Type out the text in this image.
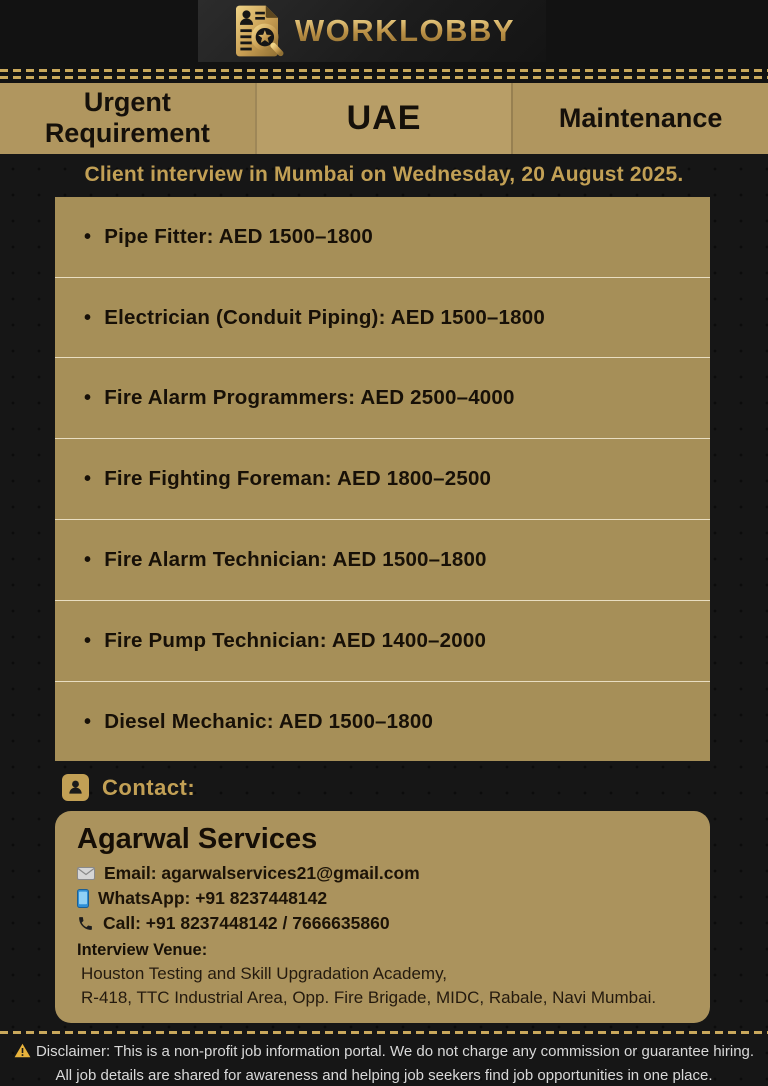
WORKLOBBY
Urgent Requirement	UAE	Maintenance
Client interview in Mumbai on Wednesday, 20 August 2025.
• Pipe Fitter: AED 1500–1800
• Electrician (Conduit Piping): AED 1500–1800
• Fire Alarm Programmers: AED 2500–4000
• Fire Fighting Foreman: AED 1800–2500
• Fire Alarm Technician: AED 1500–1800
• Fire Pump Technician: AED 1400–2000
• Diesel Mechanic: AED 1500–1800
Contact:
Agarwal Services
Email: agarwalservices21@gmail.com
WhatsApp: +91 8237448142
Call: +91 8237448142 / 7666635860
Interview Venue:
Houston Testing and Skill Upgradation Academy,
R-418, TTC Industrial Area, Opp. Fire Brigade, MIDC, Rabale, Navi Mumbai.

Disclaimer: This is a non-profit job information portal. We do not charge any commission or guarantee hiring. All job details are shared for awareness and helping job seekers find job opportunities in one place.
